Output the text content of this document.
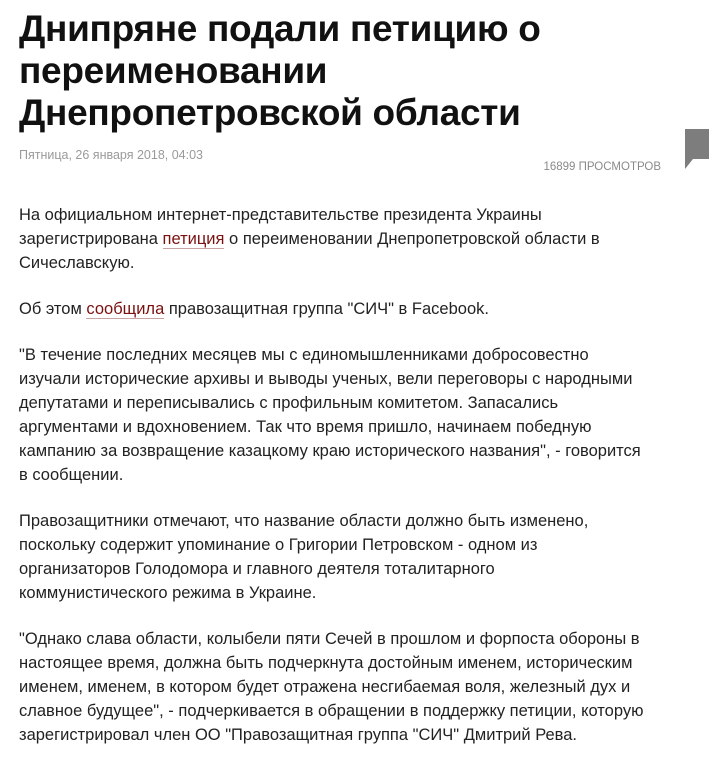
Днипряне подали петицию о
переименовании
Днепропетровской области
Пятница, 26 января 2018, 04:03
16899 ПРОСМОТРОВ

На официальном интернет-представительстве президента Украины
зарегистрирована петиция о переименовании Днепропетровской области в
Сичеславскую.

Об этом сообщила правозащитная группа "СИЧ" в Facebook.

"В течение последних месяцев мы с единомышленниками добросовестно
изучали исторические архивы и выводы ученых, вели переговоры с народными
депутатами и переписывались с профильным комитетом. Запасались
аргументами и вдохновением. Так что время пришло, начинаем победную
кампанию за возвращение казацкому краю исторического названия", - говорится
в сообщении.

Правозащитники отмечают, что название области должно быть изменено,
поскольку содержит упоминание о Григории Петровском - одном из
организаторов Голодомора и главного деятеля тоталитарного
коммунистического режима в Украине.

"Однако слава области, колыбели пяти Сечей в прошлом и форпоста обороны в
настоящее время, должна быть подчеркнута достойным именем, историческим
именем, именем, в котором будет отражена несгибаемая воля, железный дух и
славное будущее", - подчеркивается в обращении в поддержку петиции, которую
зарегистрировал член ОО "Правозащитная группа "СИЧ" Дмитрий Рева.
